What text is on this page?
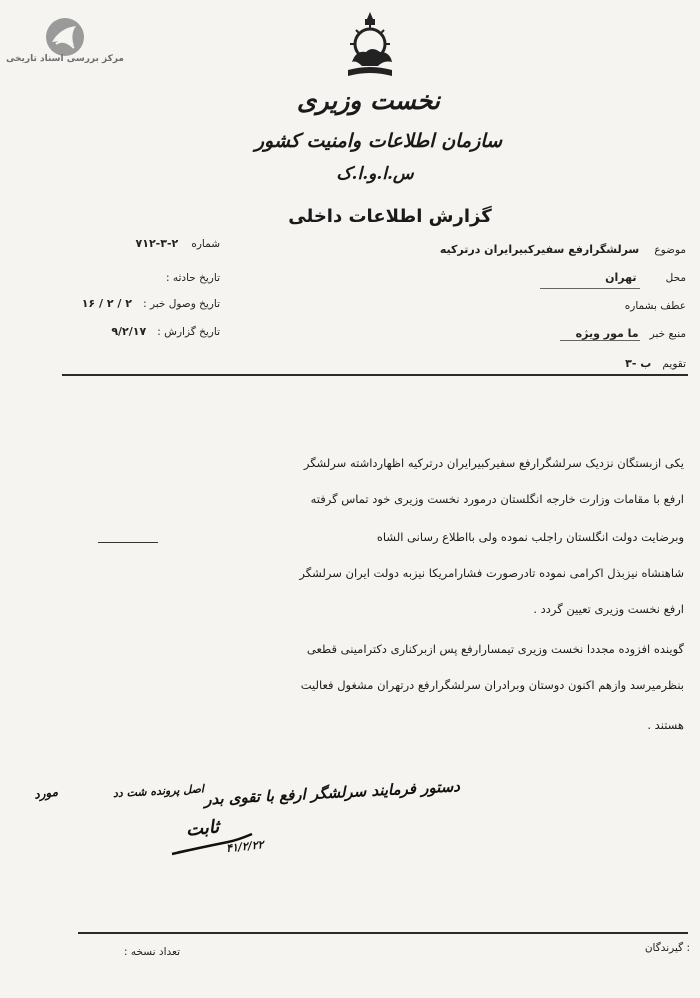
مرکز بررسی اسناد تاریخی
نخست وزیری
سازمان اطلاعات وامنیت کشور
س.ا.و.ا.ک
گزارش اطلاعات داخلی
شماره ۲-۳-۷۱۲
تاریخ حادثه :
تاریخ وصول خبر : ۲ / ۲ / ۱۶
تاریخ گزارش : ۹/۲/۱۷
موضوع سرلشگرارفع سفیرکبیرایران درترکیه
محل تهران
عطف بشماره
منبع خبر ما مور ویژه
تقویم ب -۳
یکی ازبستگان نزدیک سرلشگرارفع سفیرکبیرایران درترکیه اظهارداشته سرلشگر
ارفع با مقامات وزارت خارجه انگلستان درمورد نخست وزیری خود تماس گرفته
وبرضایت دولت انگلستان راجلب نموده ولی بااطلاع رسانی الشاه
شاهنشاه نیزبذل اکرامی نموده تادرصورت فشارامریکا نیزبه دولت ایران سرلشگر
ارفع نخست وزیری تعیین گردد .
گوینده افزوده مجددا نخست وزیری تیمسارارفع پس ازبرکناری دکترامینی قطعی
بنظرمیرسد وازهم اکنون دوستان وبرادران سرلشگرارفع درتهران مشغول فعالیت
هستند .
دستور فرمایند سرلشگر ارفع با تقوی بدر
اصل پرونده شت دد
مورد
ثابت
۴۱/۲/۲۲
: گیرندگان
تعداد نسخه :
